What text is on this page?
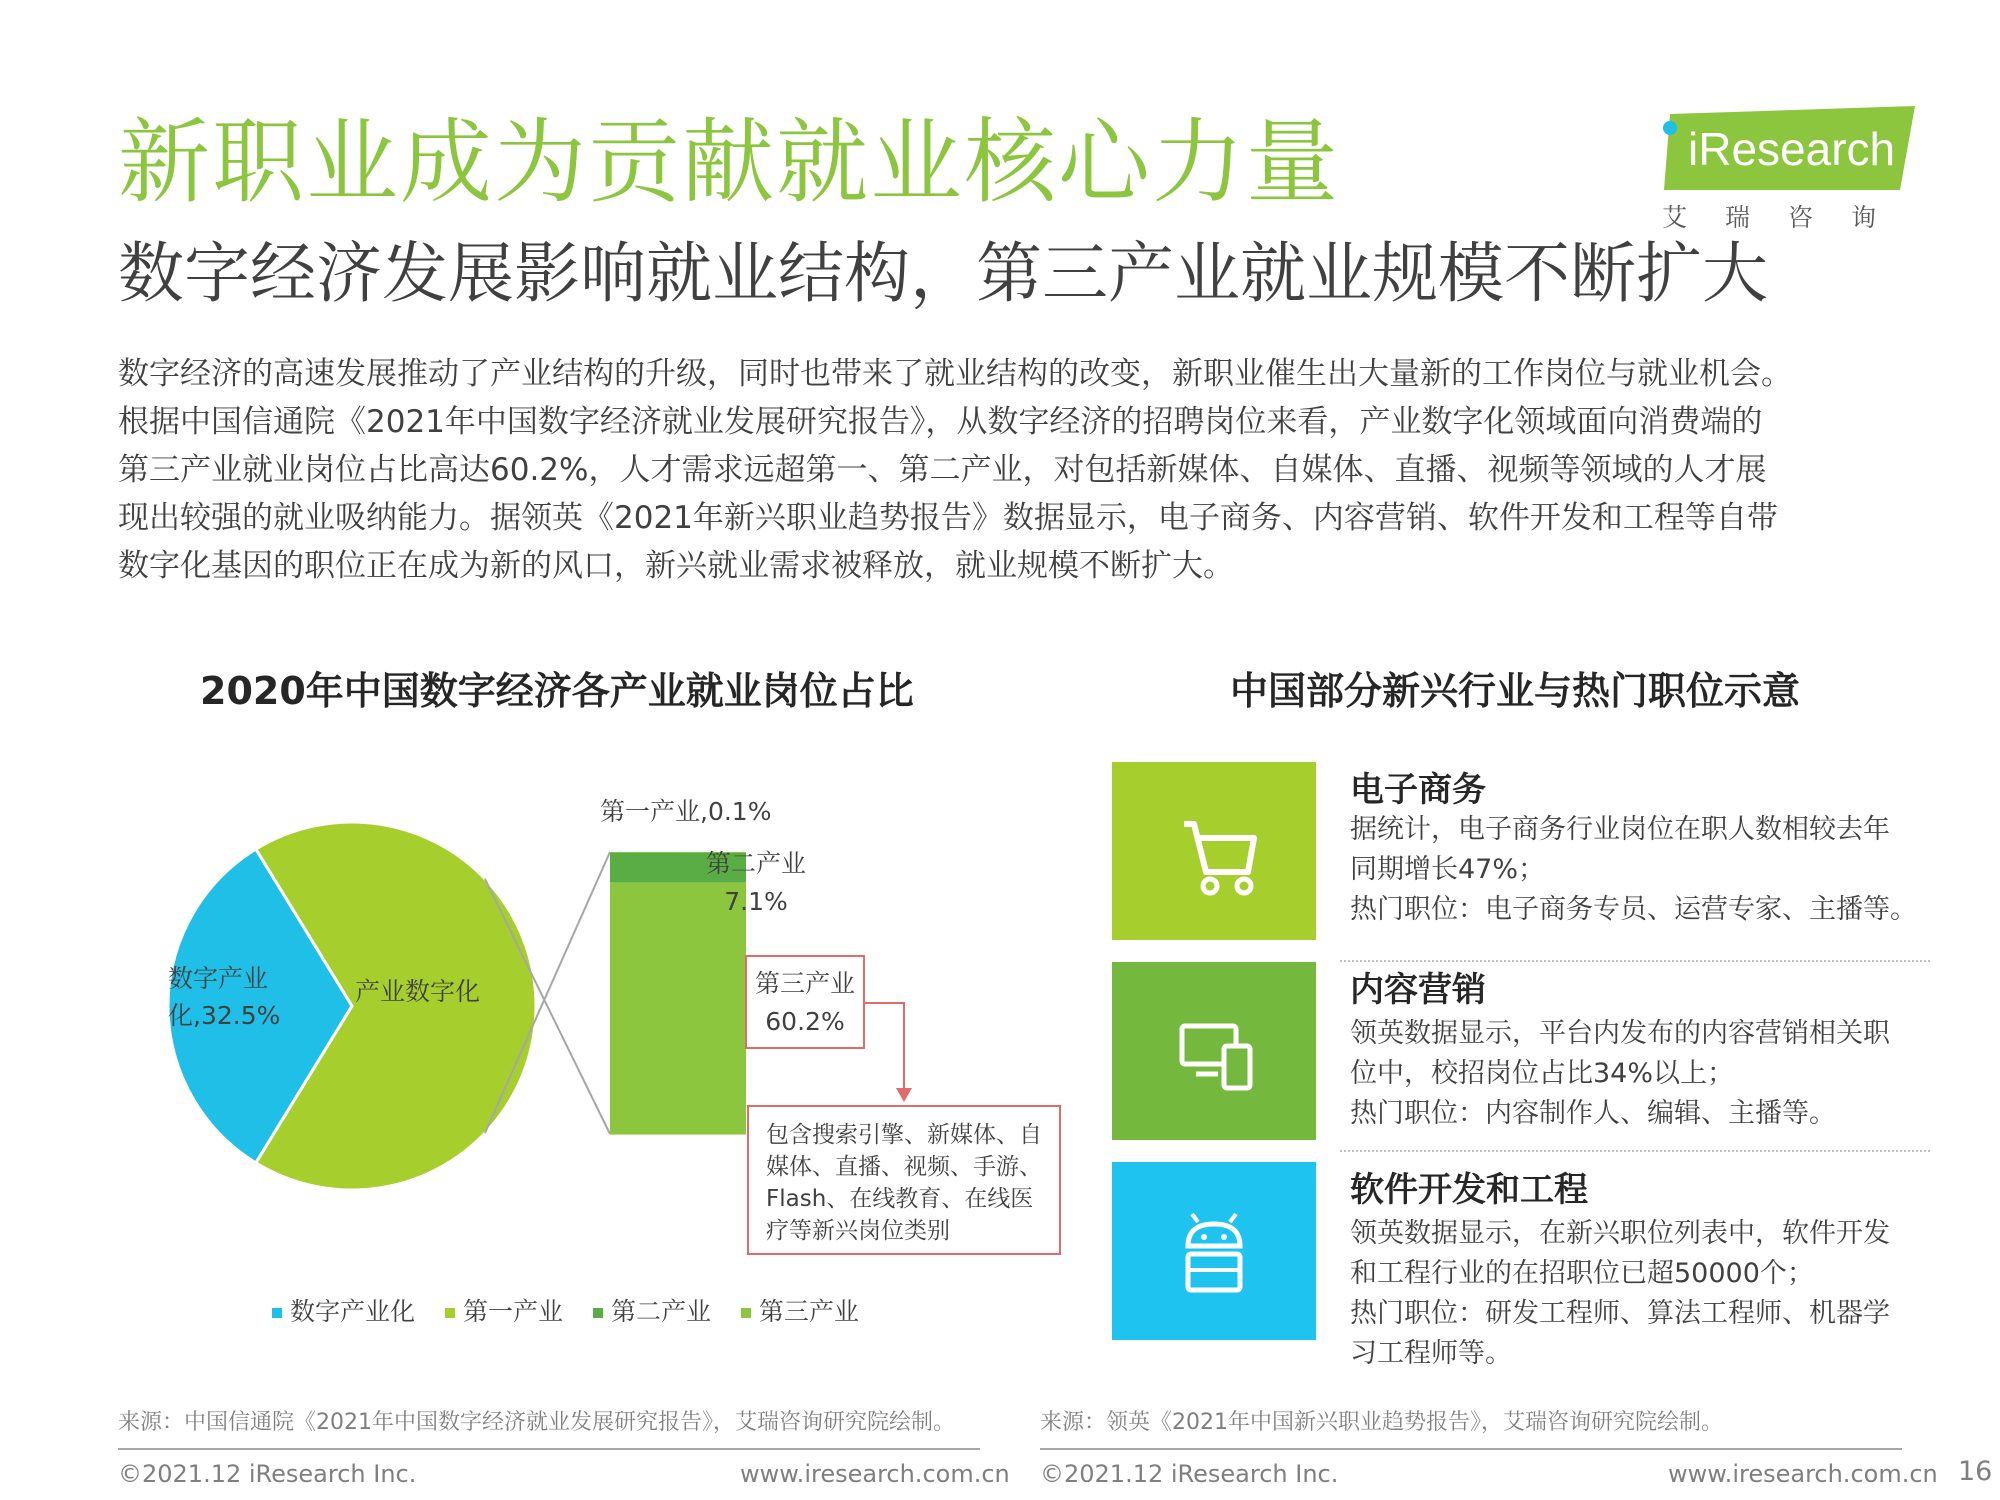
新职业成为贡献就业核心力量
数字经济发展影响就业结构，第三产业就业规模不断扩大
iResearch
艾瑞咨询

数字经济的高速发展推动了产业结构的升级，同时也带来了就业结构的改变，新职业催生出大量新的工作岗位与就业机会。

根据中国信通院《2021年中国数字经济就业发展研究报告》，从数字经济的招聘岗位来看，产业数字化领域面向消费端的

第三产业就业岗位占比高达60.2%，人才需求远超第一、第二产业，对包括新媒体、自媒体、直播、视频等领域的人才展

现出较强的就业吸纳能力。据领英《2021年新兴职业趋势报告》数据显示，电子商务、内容营销、软件开发和工程等自带

数字化基因的职位正在成为新的风口，新兴就业需求被释放，就业规模不断扩大。

2020年中国数字经济各产业就业岗位占比	中国部分新兴行业与热门职位示意
数字产业
化,32.5%
产业数字化
第一产业,0.1%
第二产业
7.1%
第三产业
60.2%
包含搜索引擎、新媒体、自
媒体、直播、视频、手游、
Flash、在线教育、在线医
疗等新兴岗位类别
数字产业化 第一产业 第二产业 第三产业
电子商务
据统计，电子商务行业岗位在职人数相较去年
同期增长47%；
热门职位：电子商务专员、运营专家、主播等。
内容营销
领英数据显示，平台内发布的内容营销相关职
位中，校招岗位占比34%以上；
热门职位：内容制作人、编辑、主播等。
软件开发和工程
领英数据显示，在新兴职位列表中，软件开发
和工程行业的在招职位已超50000个；
热门职位：研发工程师、算法工程师、机器学
习工程师等。
来源：中国信通院《2021年中国数字经济就业发展研究报告》，艾瑞咨询研究院绘制。	来源：领英《2021年中国新兴职业趋势报告》，艾瑞咨询研究院绘制。
©2021.12 iResearch Inc.	www.iresearch.com.cn ©2021.12 iResearch Inc.	www.iresearch.com.cn 16
